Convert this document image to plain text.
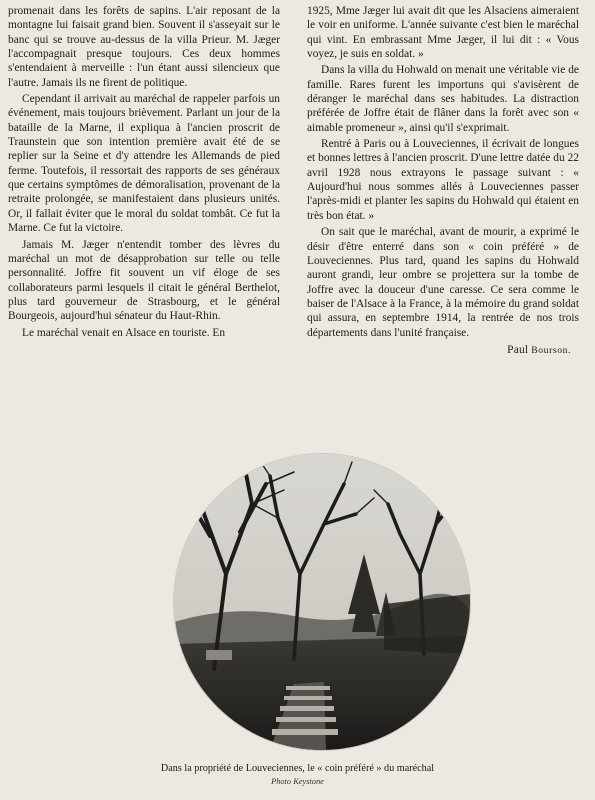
promenait dans les forêts de sapins. L'air reposant de la montagne lui faisait grand bien. Souvent il s'asseyait sur le banc qui se trouve au-dessus de la villa Prieur. M. Jæger l'accompagnait presque toujours. Ces deux hommes s'entendaient à merveille : l'un étant aussi silencieux que l'autre. Jamais ils ne firent de politique.

Cependant il arrivait au maréchal de rappeler parfois un événement, mais toujours brièvement. Parlant un jour de la bataille de la Marne, il expliqua à l'ancien proscrit de Traunstein que son intention première avait été de se replier sur la Seine et d'y attendre les Allemands de pied ferme. Toutefois, il ressortait des rapports de ses généraux que certains symptômes de démoralisation, provenant de la retraite prolongée, se manifestaient dans plusieurs unités. Or, il fallait éviter que le moral du soldat tombât. Ce fut la Marne. Ce fut la victoire.

Jamais M. Jæger n'entendit tomber des lèvres du maréchal un mot de désapprobation sur telle ou telle personnalité. Joffre fit souvent un vif éloge de ses collaborateurs parmi lesquels il citait le général Berthelot, plus tard gouverneur de Strasbourg, et le général Bourgeois, aujourd'hui sénateur du Haut-Rhin.

Le maréchal venait en Alsace en touriste. En

1925, Mme Jæger lui avait dit que les Alsaciens aimeraient le voir en uniforme. L'année suivante c'est bien le maréchal qui vint. En embrassant Mme Jæger, il lui dit : « Vous voyez, je suis en soldat. »

Dans la villa du Hohwald on menait une véritable vie de famille. Rares furent les importuns qui s'avisèrent de déranger le maréchal dans ses habitudes. La distraction préférée de Joffre était de flâner dans la forêt avec son « aimable promeneur », ainsi qu'il s'exprimait.

Rentré à Paris ou à Louveciennes, il écrivait de longues et bonnes lettres à l'ancien proscrit. D'une lettre datée du 22 avril 1928 nous extrayons le passage suivant : « Aujourd'hui nous sommes allés à Louveciennes passer l'après-midi et planter les sapins du Hohwald qui étaient en très bon état. »

On sait que le maréchal, avant de mourir, a exprimé le désir d'être enterré dans son « coin préféré » de Louveciennes. Plus tard, quand les sapins du Hohwald auront grandi, leur ombre se projettera sur la tombe de Joffre avec la douceur d'une caresse. Ce sera comme le baiser de l'Alsace à la France, à la mémoire du grand soldat qui assura, en septembre 1914, la rentrée de nos trois départements dans l'unité française.

Paul Bourson.
Dans la propriété de Louveciennes, le « coin préféré » du maréchal
Photo Keystone
